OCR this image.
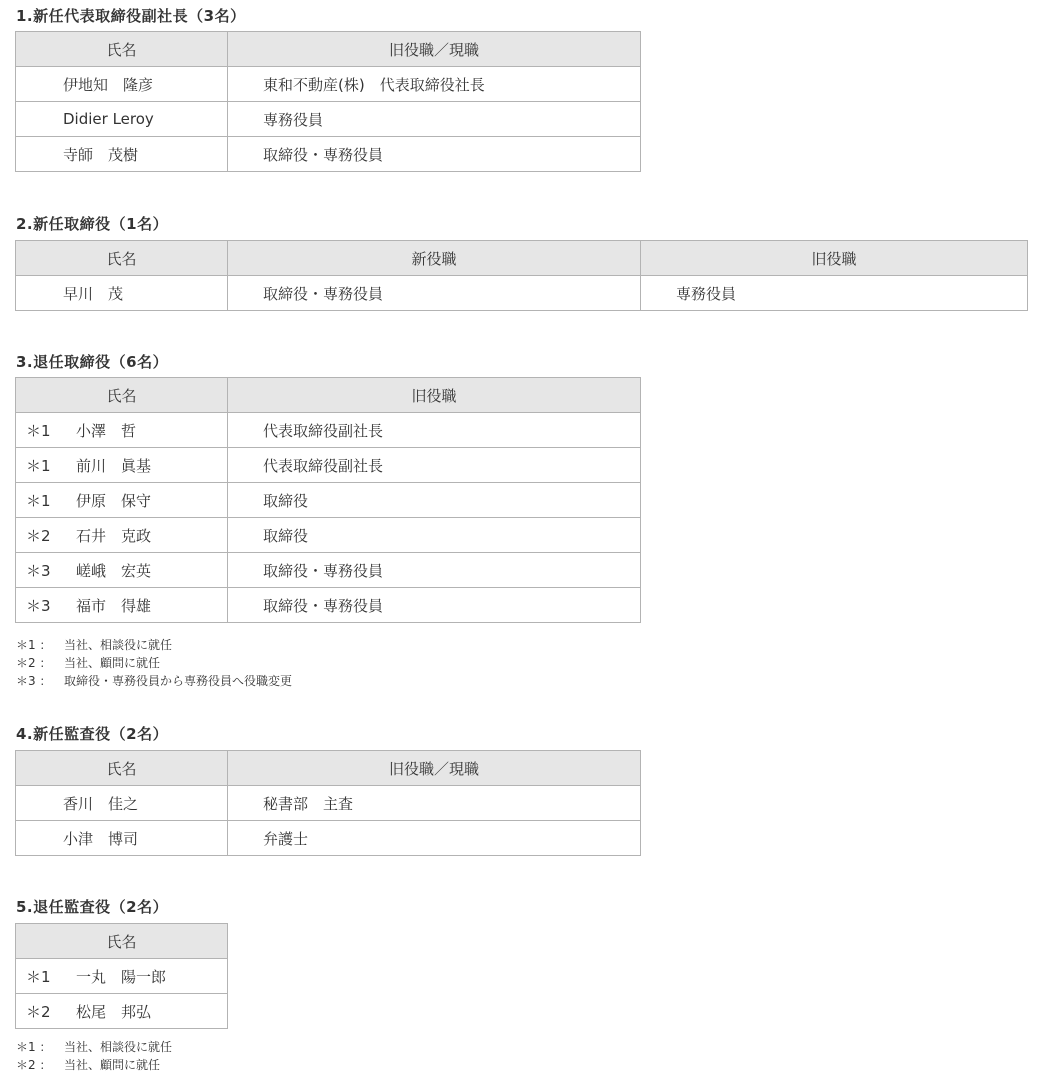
1.新任代表取締役副社長（3名）
氏名	旧役職／現職
伊地知　隆彦	東和不動産(株)　代表取締役社長
Didier Leroy	専務役員
寺師　茂樹	取締役・専務役員
2.新任取締役（1名）
氏名	新役職	旧役職
早川　茂	取締役・専務役員	専務役員
3.退任取締役（6名）
氏名	旧役職
＊1 小澤　哲	代表取締役副社長
＊1 前川　眞基	代表取締役副社長
＊1 伊原　保守	取締役
＊2 石井　克政	取締役
＊3 嵯峨　宏英	取締役・専務役員
＊3 福市　得雄	取締役・専務役員
＊1 ： 当社、相談役に就任
＊2 ： 当社、顧問に就任
＊3 ： 取締役・専務役員から専務役員へ役職変更
4.新任監査役（2名）
氏名	旧役職／現職
香川　佳之	秘書部　主査
小津　博司	弁護士
5.退任監査役（2名）
氏名
＊1 一丸　陽一郎
＊2 松尾　邦弘
＊1 ： 当社、相談役に就任
＊2 ： 当社、顧問に就任
